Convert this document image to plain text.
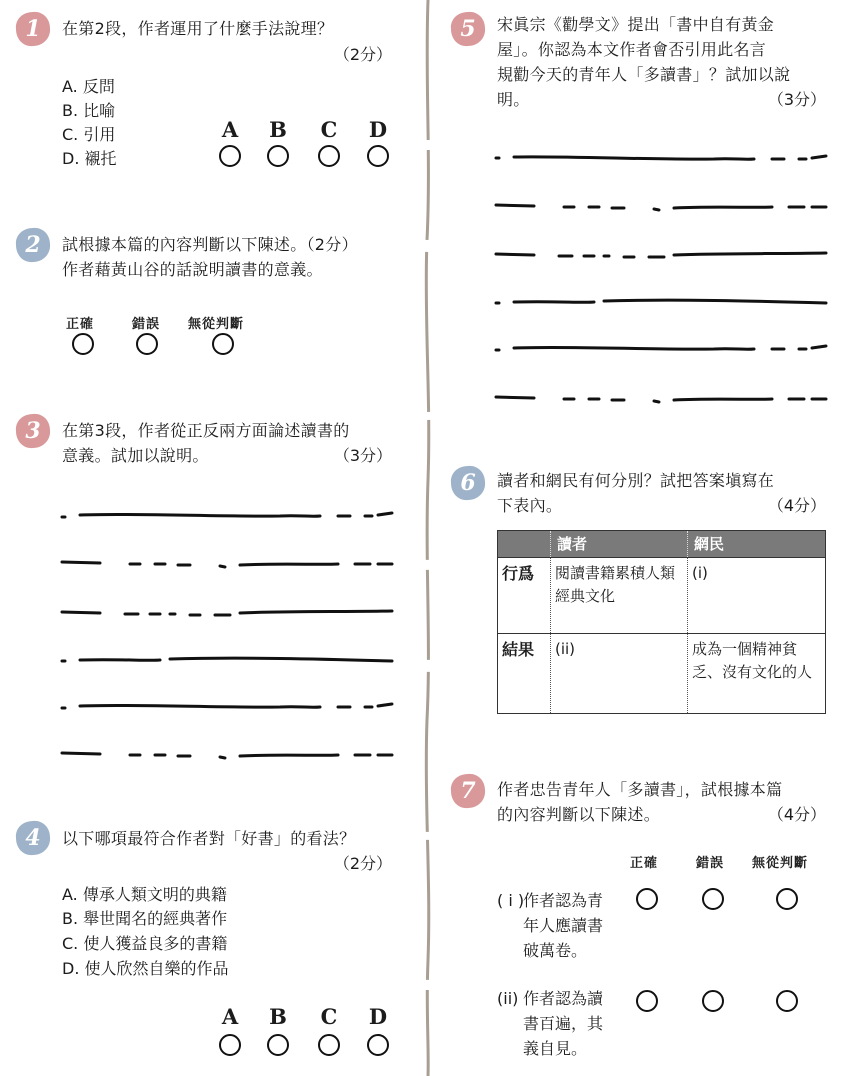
1	在第2段，作者運用了什麼手法說理？
（2分）
A. 反問
B. 比喻
C. 引用
D. 襯托
A B C D
2	試根據本篇的內容判斷以下陳述。（2分）
作者藉黃山谷的話說明讀書的意義。
正確	錯誤 無從判斷
3	在第3段，作者從正反兩方面論述讀書的
意義。試加以說明。	（3分）
4	以下哪項最符合作者對「好書」的看法？
（2分）
A. 傳承人類文明的典籍
B. 舉世聞名的經典著作
C. 使人獲益良多的書籍
D. 使人欣然自樂的作品
A B C D
5	宋眞宗《勸學文》提出「書中自有黃金
屋」。你認為本文作者會否引用此名言
規勸今天的青年人「多讀書」？試加以說
明。	（3分）
6	讀者和網民有何分別？試把答案塡寫在
下表內。	（4分）
	讀者	網民
行爲	閱讀書籍累積人類經典文化	(i)
結果	(ii)	成為一個精神貧乏、沒有文化的人
7	作者忠告青年人「多讀書」，試根據本篇
的內容判斷以下陳述。	（4分）
正確	錯誤 無從判斷
( i )
作者認為青
年人應讀書
破萬卷。
(ii) 作者認為讀
書百遍，其
義自見。
